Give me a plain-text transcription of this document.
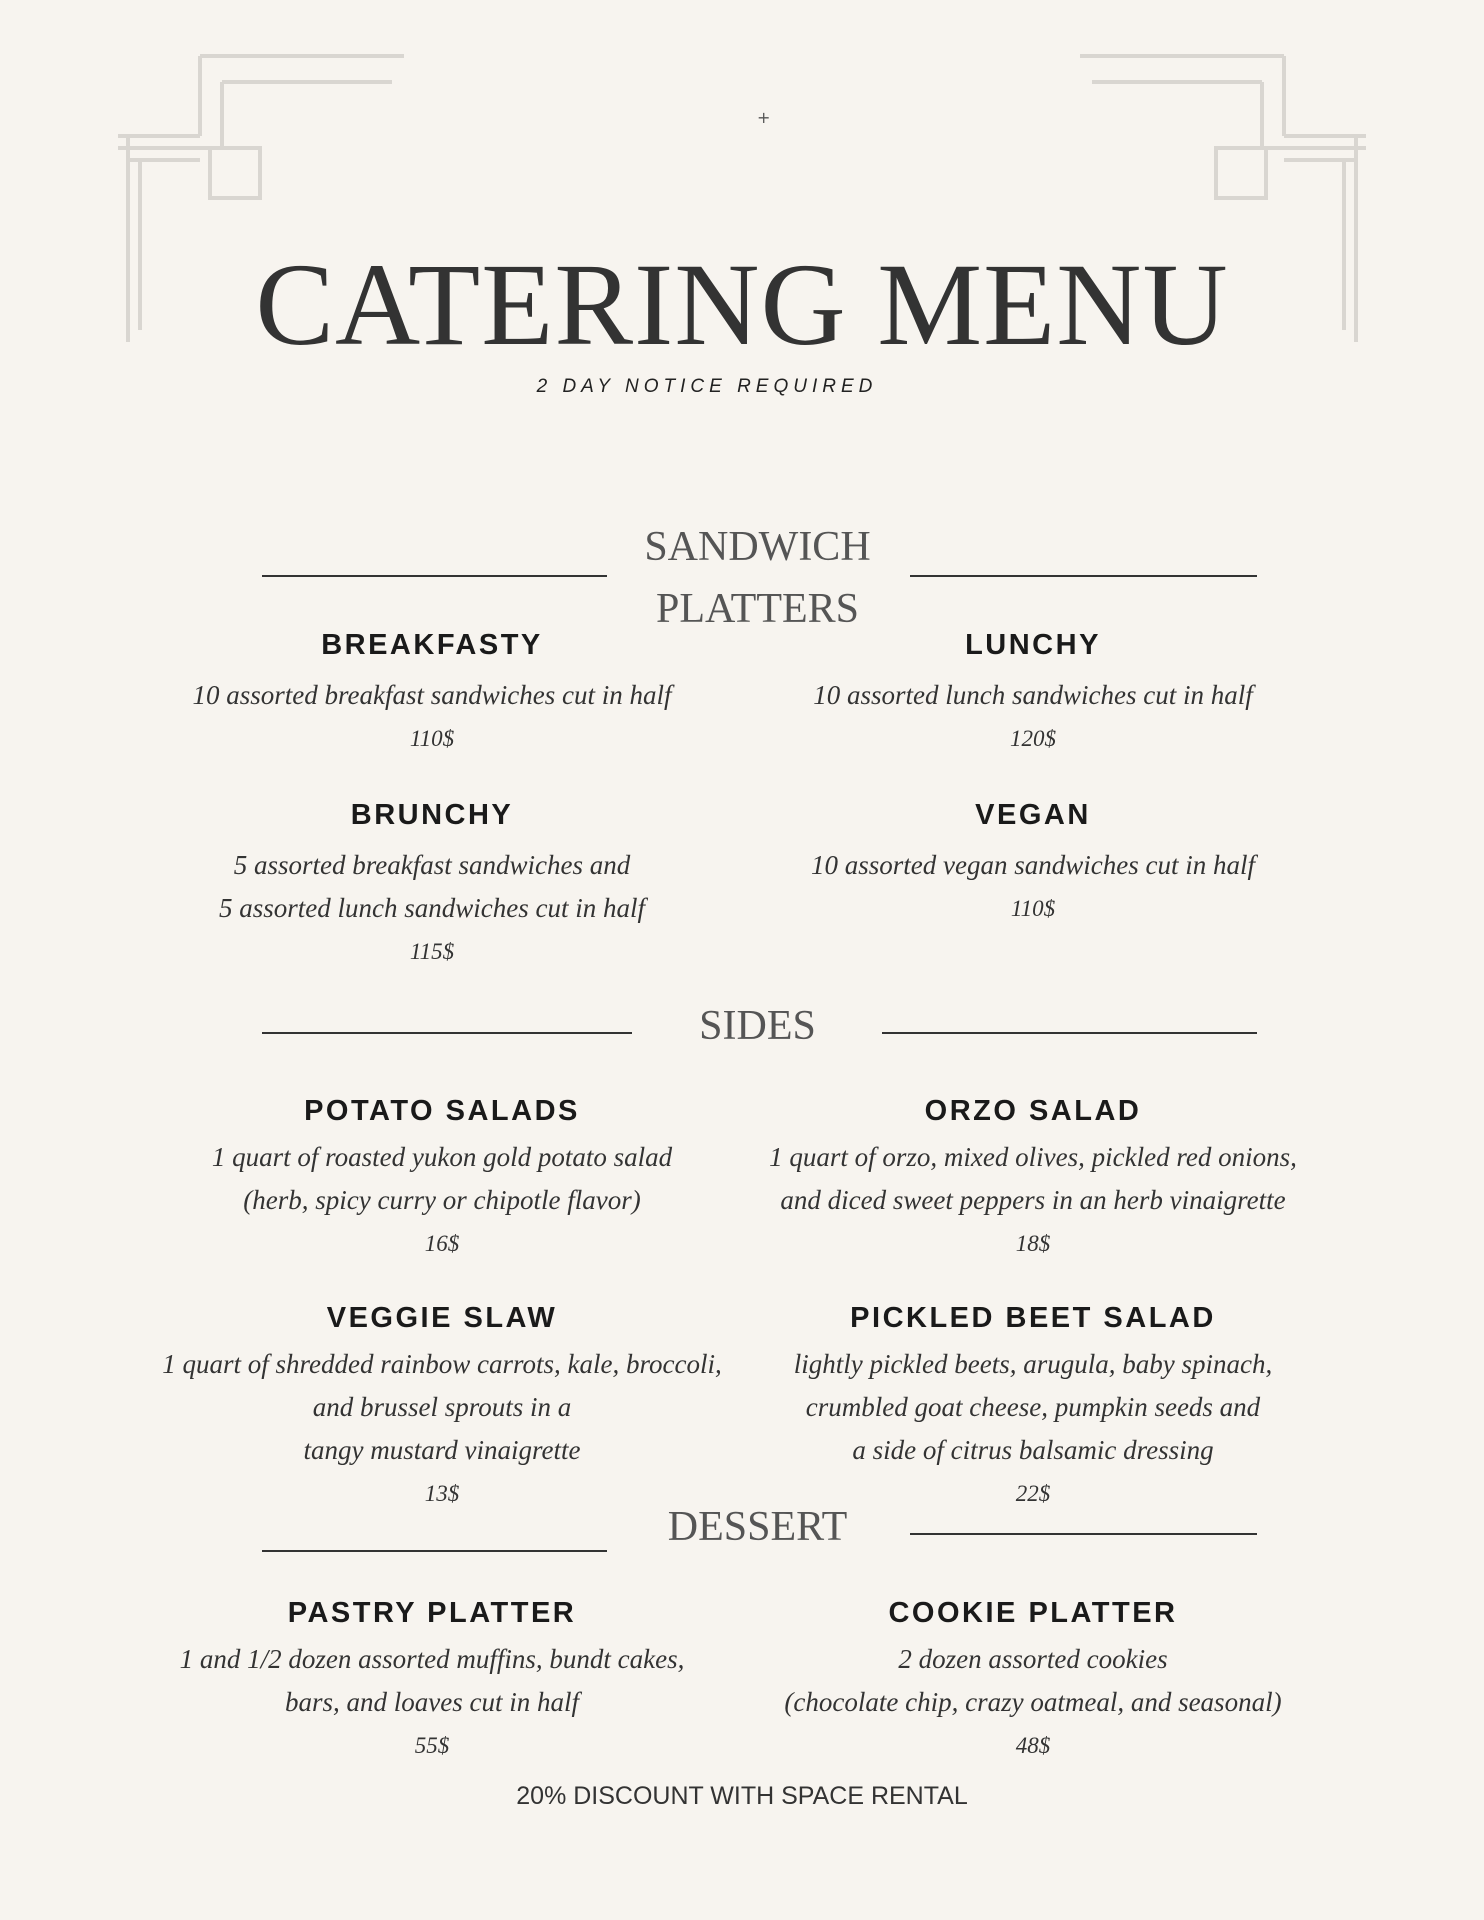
+
CATERING MENU
2 DAY NOTICE REQUIRED
SANDWICH
PLATTERS
BREAKFASTY
10 assorted breakfast sandwiches cut in half
110$
LUNCHY
10 assorted lunch sandwiches cut in half
120$
BRUNCHY
5 assorted breakfast sandwiches and
5 assorted lunch sandwiches cut in half
115$
VEGAN
10 assorted vegan sandwiches cut in half
110$
SIDES
POTATO SALADS
1 quart of roasted yukon gold potato salad
(herb, spicy curry or chipotle flavor)
16$
ORZO SALAD
1 quart of orzo, mixed olives, pickled red onions,
and diced sweet peppers in an herb vinaigrette
18$
VEGGIE SLAW
1 quart of shredded rainbow carrots, kale, broccoli,
and brussel sprouts in a
tangy mustard vinaigrette
13$
PICKLED BEET SALAD
lightly pickled beets, arugula, baby spinach,
crumbled goat cheese, pumpkin seeds and
a side of citrus balsamic dressing
22$
DESSERT
PASTRY PLATTER
1 and 1/2 dozen assorted muffins, bundt cakes,
bars, and loaves cut in half
55$
COOKIE PLATTER
2 dozen assorted cookies
(chocolate chip, crazy oatmeal, and seasonal)
48$
20% DISCOUNT WITH SPACE RENTAL
